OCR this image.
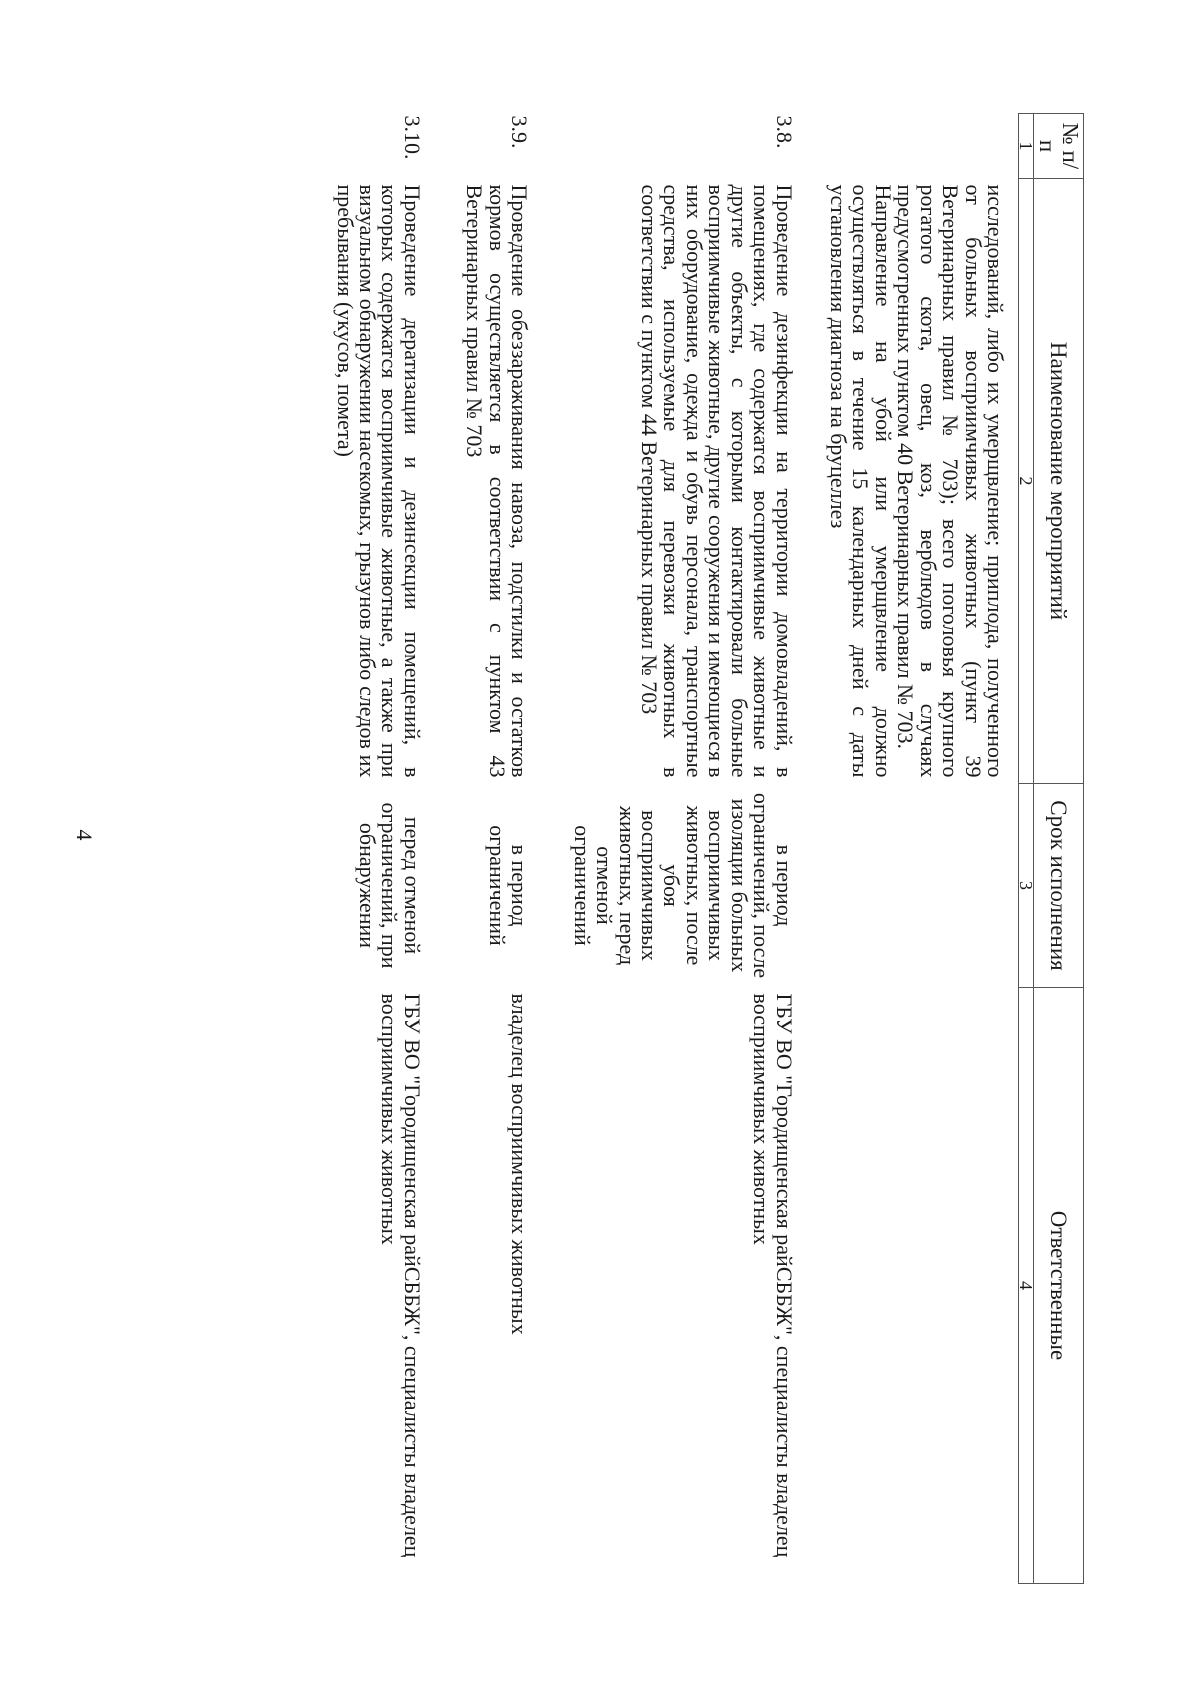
4
№ п/п	Наименование мероприятий	Срок исполнения	Ответственные
1	2	3	4

	исследований, либо их умерщвление; приплода, полученного от больных восприимчивых животных (пункт 39 Ветеринарных правил № 703); всего поголовья крупного рогатого скота, овец, коз, верблюдов в случаях предусмотренных пунктом 40 Ветеринарных правил № 703.
Направление на убой или умерщвление должно осуществляться в течение 15 календарных дней с даты установления диагноза на бруцеллез		

3.8.	Проведение дезинфекции на территории домовладений, в помещениях, где содержатся восприимчивые животные и другие объекты, с которыми контактировали больные восприимчивые животные, другие сооружения и имеющиеся в них оборудование, одежда и обувь персонала, транспортные средства, используемые для перевозки животных в соответствии с пунктом 44 Ветеринарных правил № 703	в период ограничений, после изоляции больных восприимчивых животных, после убоя восприимчивых животных, перед отменой ограничений	ГБУ ВО "Городищенская райСББЖ", специалисты владелец восприимчивых животных
3.9.	Проведение обеззараживания навоза, подстилки и остатков кормов осуществляется в соответствии с пунктом 43 Ветеринарных правил № 703	в период ограничений	владелец восприимчивых животных
3.10.	Проведение дератизации и дезинсекции помещений, в которых содержатся восприимчивые животные, а также при визуальном обнаружении насекомых, грызунов либо следов их пребывания (укусов, помета)	перед отменой ограничений, при обнаружении	ГБУ ВО "Городищенская райСББЖ", специалисты владелец восприимчивых животных
